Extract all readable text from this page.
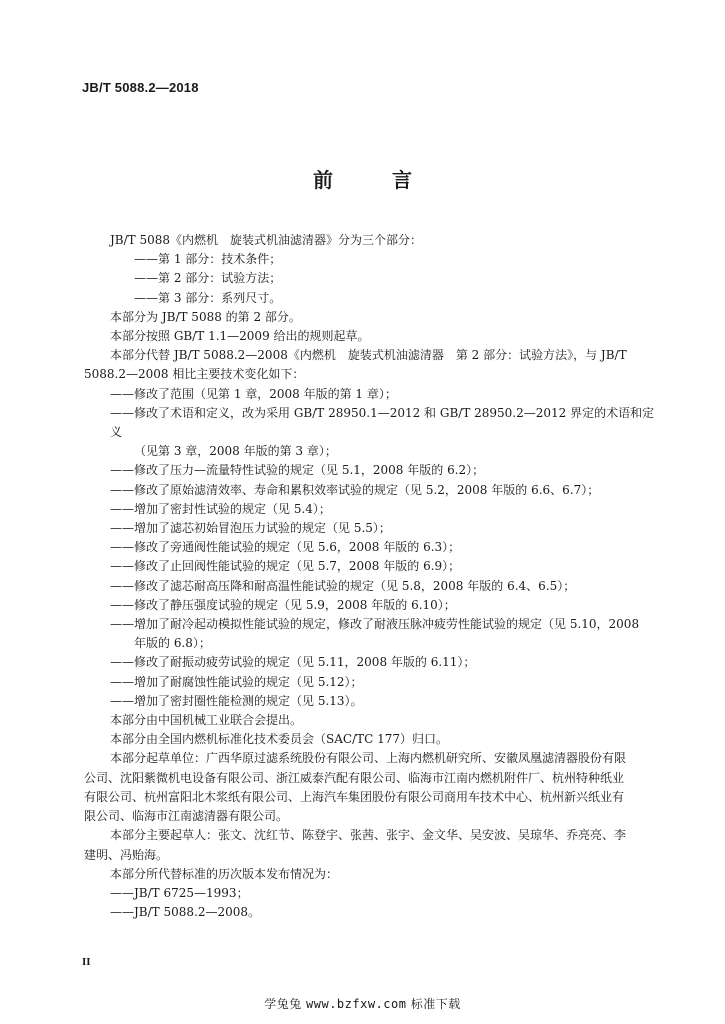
JB/T 5088.2—2018
前 言

JB/T 5088《内燃机　旋装式机油滤清器》分为三个部分：

——第 1 部分：技术条件；

——第 2 部分：试验方法；

——第 3 部分：系列尺寸。

本部分为 JB/T 5088 的第 2 部分。

本部分按照 GB/T 1.1—2009 给出的规则起草。

本部分代替 JB/T 5088.2—2008《内燃机　旋装式机油滤清器　第 2 部分：试验方法》，与 JB/T

5088.2—2008 相比主要技术变化如下：

——修改了范围（见第 1 章，2008 年版的第 1 章）；

——修改了术语和定义，改为采用 GB/T 28950.1—2012 和 GB/T 28950.2—2012 界定的术语和定义

（见第 3 章，2008 年版的第 3 章）；

——修改了压力—流量特性试验的规定（见 5.1，2008 年版的 6.2）；

——修改了原始滤清效率、寿命和累积效率试验的规定（见 5.2，2008 年版的 6.6、6.7）；

——增加了密封性试验的规定（见 5.4）；

——增加了滤芯初始冒泡压力试验的规定（见 5.5）；

——修改了旁通阀性能试验的规定（见 5.6，2008 年版的 6.3）；

——修改了止回阀性能试验的规定（见 5.7，2008 年版的 6.9）；

——修改了滤芯耐高压降和耐高温性能试验的规定（见 5.8，2008 年版的 6.4、6.5）；

——修改了静压强度试验的规定（见 5.9，2008 年版的 6.10）；

——增加了耐冷起动模拟性能试验的规定，修改了耐液压脉冲疲劳性能试验的规定（见 5.10，2008

年版的 6.8）；

——修改了耐振动疲劳试验的规定（见 5.11，2008 年版的 6.11）；

——增加了耐腐蚀性能试验的规定（见 5.12）；

——增加了密封圈性能检测的规定（见 5.13）。

本部分由中国机械工业联合会提出。

本部分由全国内燃机标准化技术委员会（SAC/TC 177）归口。

本部分起草单位：广西华原过滤系统股份有限公司、上海内燃机研究所、安徽凤凰滤清器股份有限

公司、沈阳紫微机电设备有限公司、浙江威泰汽配有限公司、临海市江南内燃机附件厂、杭州特种纸业

有限公司、杭州富阳北木浆纸有限公司、上海汽车集团股份有限公司商用车技术中心、杭州新兴纸业有

限公司、临海市江南滤清器有限公司。

本部分主要起草人：张文、沈红节、陈登宇、张茜、张宇、金文华、吴安波、吴琼华、乔亮亮、李

建明、冯贻海。

本部分所代替标准的历次版本发布情况为：

——JB/T 6725—1993；

——JB/T 5088.2—2008。

II
学兔兔 www.bzfxw.com 标准下载
